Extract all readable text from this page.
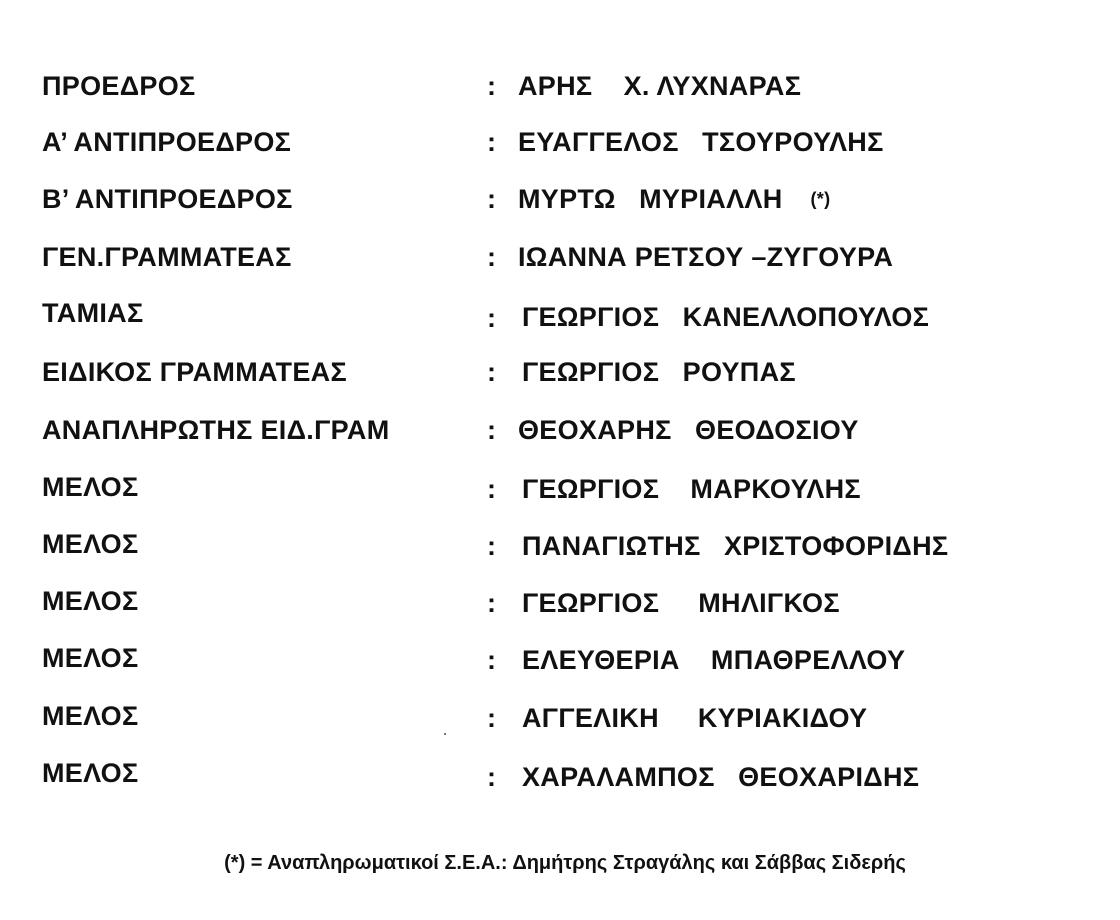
ΠΡΟΕΔΡΟΣ	: ΑΡΗΣ    Χ. ΛΥΧΝΑΡΑΣ
Α’ ΑΝΤΙΠΡΟΕΔΡΟΣ	: ΕΥΑΓΓΕΛΟΣ   ΤΣΟΥΡΟΥΛΗΣ
Β’ ΑΝΤΙΠΡΟΕΔΡΟΣ	: ΜΥΡΤΩ   ΜΥΡΙΑΛΛΗ (*)
ΓΕΝ.ΓΡΑΜΜΑΤΕΑΣ	: ΙΩΑΝΝΑ ΡΕΤΣΟΥ –ΖΥΓΟΥΡΑ
ΤΑΜΙΑΣ	: ΓΕΩΡΓΙΟΣ   ΚΑΝΕΛΛΟΠΟΥΛΟΣ
ΕΙΔΙΚΟΣ ΓΡΑΜΜΑΤΕΑΣ	: ΓΕΩΡΓΙΟΣ   ΡΟΥΠΑΣ
ΑΝΑΠΛΗΡΩΤΗΣ ΕΙΔ.ΓΡΑΜ	: ΘΕΟΧΑΡΗΣ   ΘΕΟΔΟΣΙΟΥ
ΜΕΛΟΣ	: ΓΕΩΡΓΙΟΣ    ΜΑΡΚΟΥΛΗΣ
ΜΕΛΟΣ	: ΠΑΝΑΓΙΩΤΗΣ   ΧΡΙΣΤΟΦΟΡΙΔΗΣ
ΜΕΛΟΣ	: ΓΕΩΡΓΙΟΣ     ΜΗΛΙΓΚΟΣ
ΜΕΛΟΣ	: ΕΛΕΥΘΕΡΙΑ    ΜΠΑΘΡΕΛΛΟΥ
ΜΕΛΟΣ	: ΑΓΓΕΛΙΚΗ     ΚΥΡΙΑΚΙΔΟΥ
ΜΕΛΟΣ	: ΧΑΡΑΛΑΜΠΟΣ   ΘΕΟΧΑΡΙΔΗΣ
(*) = Αναπληρωματικοί Σ.Ε.Α.: Δημήτρης Στραγάλης και Σάββας Σιδερής
